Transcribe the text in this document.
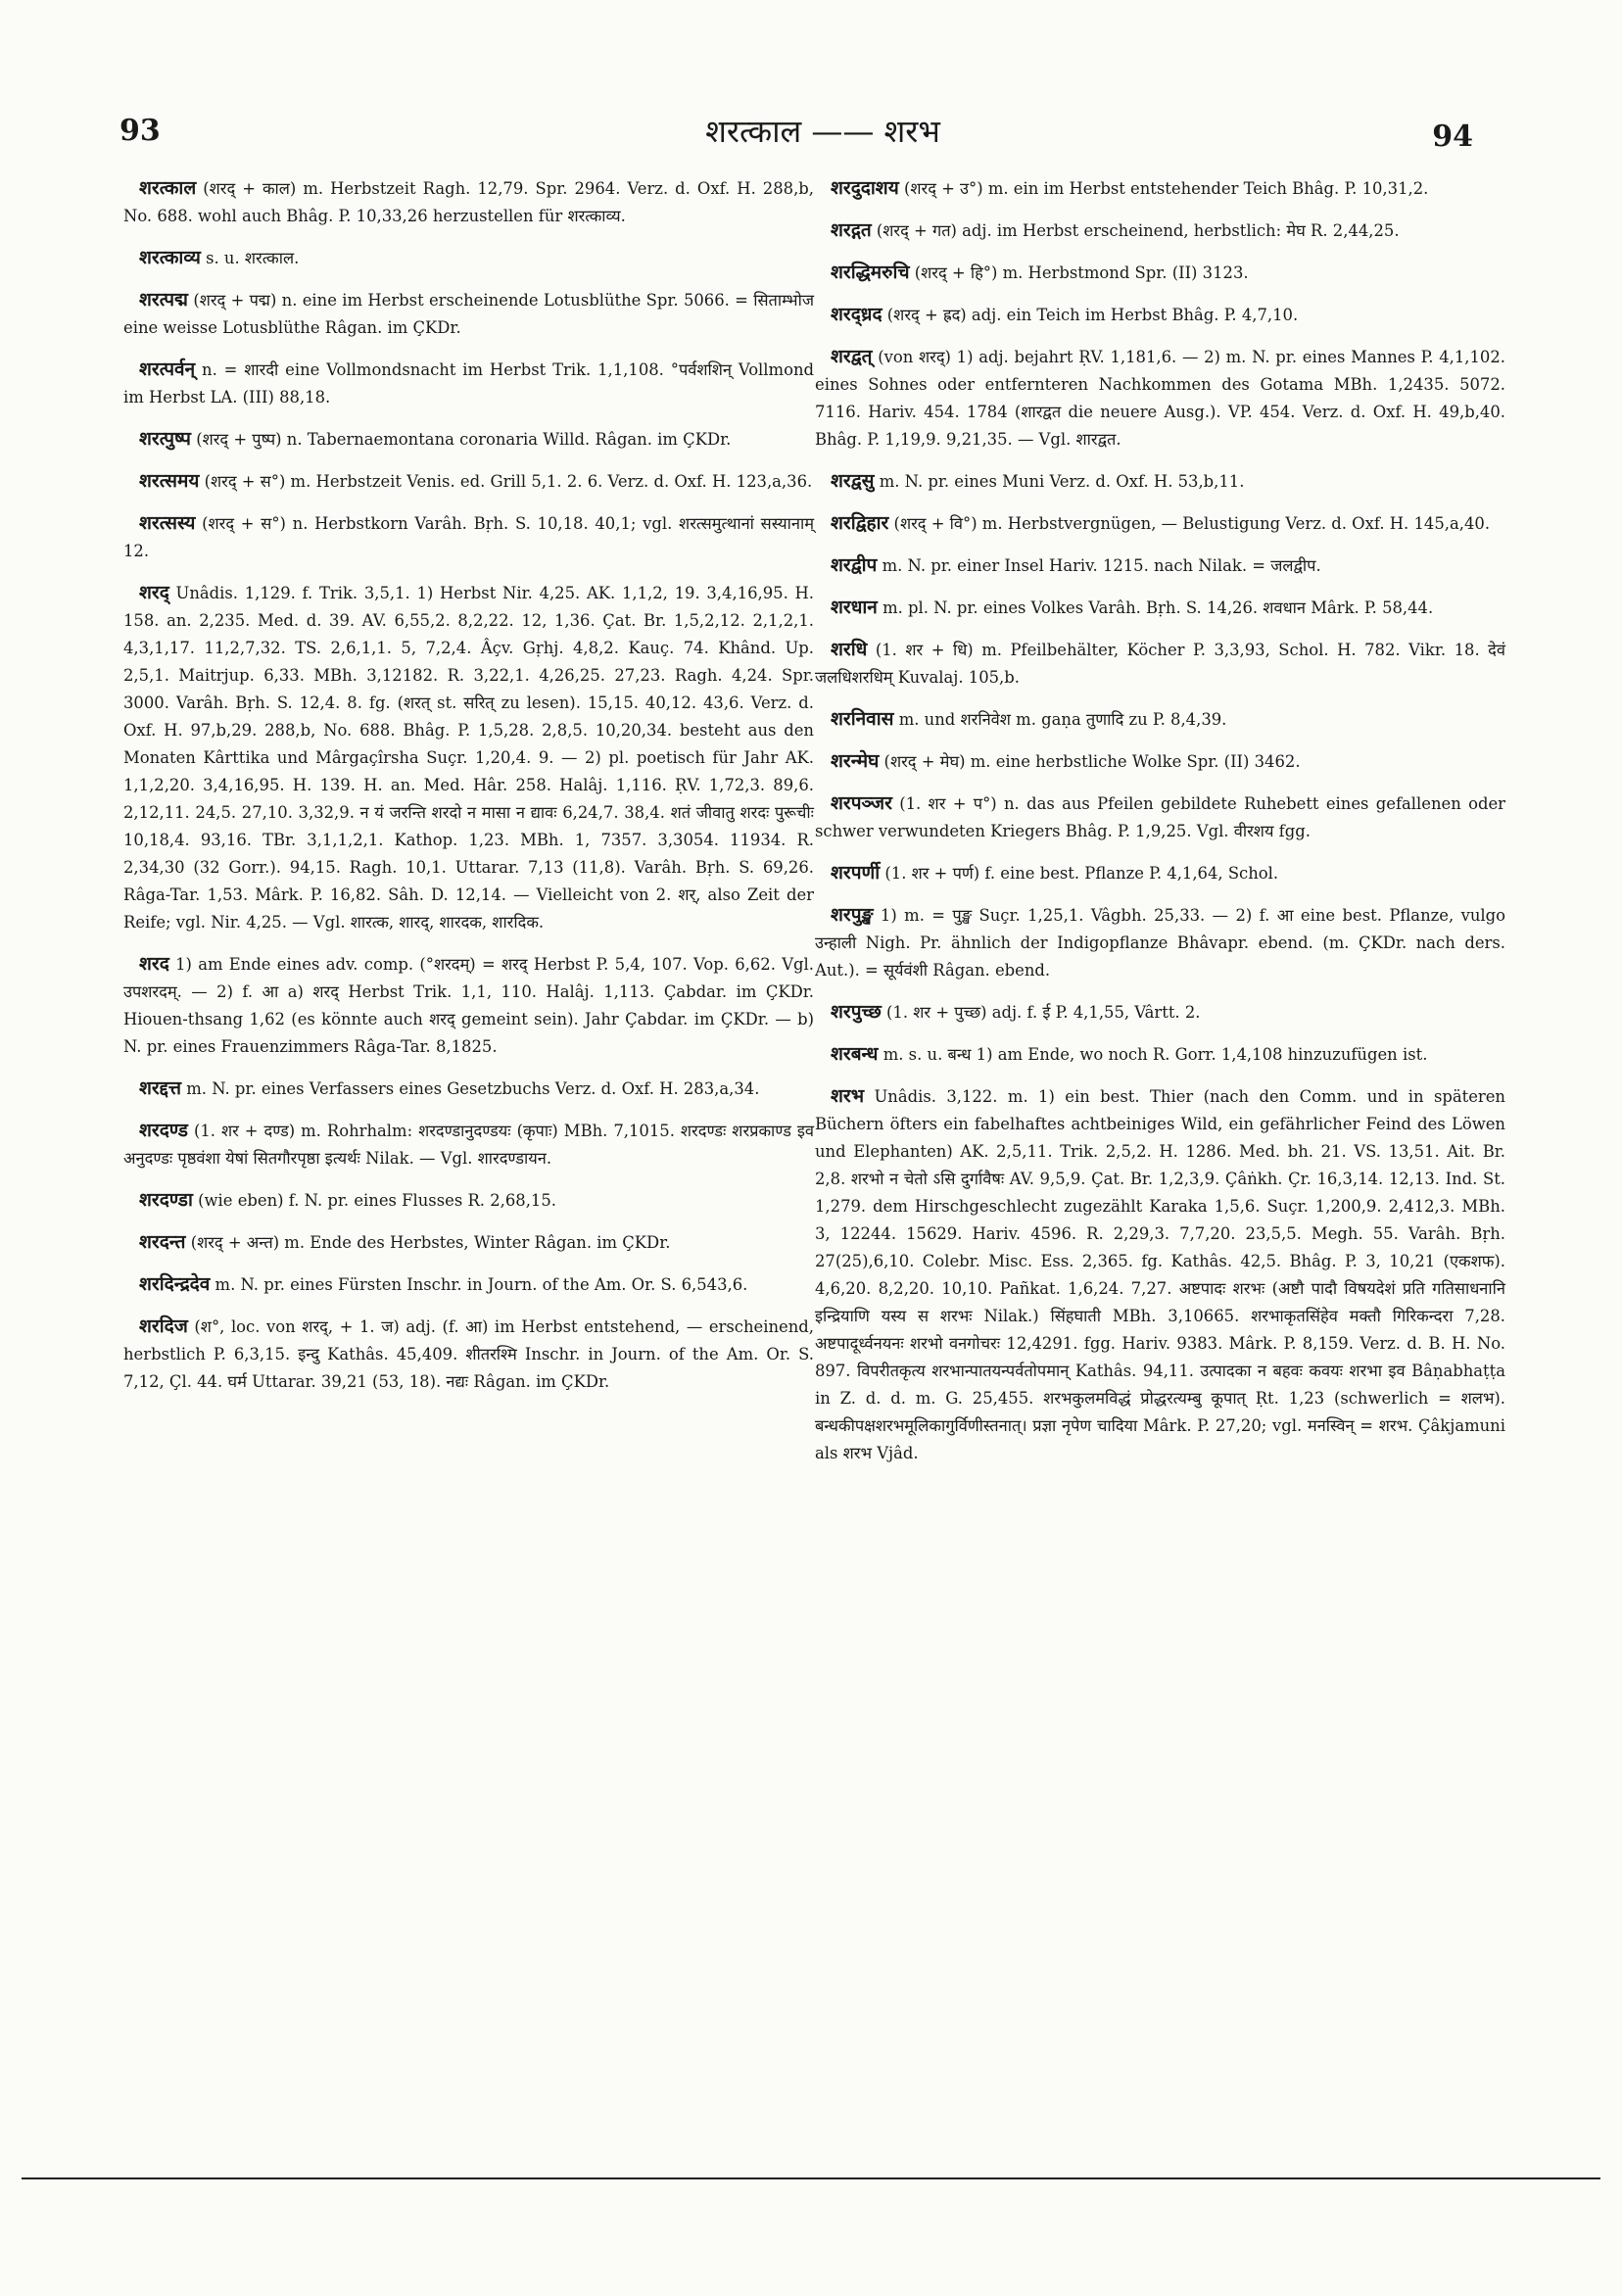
93	शरत्काल —— शरभ	94

शरत्काल (शरद् + काल) m. Herbstzeit Ragh. 12,79. Spr. 2964. Verz. d. Oxf. H. 288,b, No. 688. wohl auch Bhâg. P. 10,33,26 herzustellen für शरत्काव्य.

शरत्काव्य s. u. शरत्काल.

शरत्पद्म (शरद् + पद्म) n. eine im Herbst erscheinende Lotusblüthe Spr. 5066. = सिताम्भोज eine weisse Lotusblüthe Râgan. im ÇKDr.

शरत्पर्वन् n. = शारदी eine Vollmondsnacht im Herbst Trik. 1,1,108. °पर्वशशिन् Vollmond im Herbst LA. (III) 88,18.

शरत्पुष्प (शरद् + पुष्प) n. Tabernaemontana coronaria Willd. Râgan. im ÇKDr.

शरत्समय (शरद् + स°) m. Herbstzeit Venis. ed. Grill 5,1. 2. 6. Verz. d. Oxf. H. 123,a,36.

शरत्सस्य (शरद् + स°) n. Herbstkorn Varâh. Bṛh. S. 10,18. 40,1; vgl. शरत्समुत्थानां सस्यानाम् 12.

शरद् Unâdis. 1,129. f. Trik. 3,5,1. 1) Herbst Nir. 4,25. AK. 1,1,2, 19. 3,4,16,95. H. 158. an. 2,235. Med. d. 39. AV. 6,55,2. 8,2,22. 12, 1,36. Çat. Br. 1,5,2,12. 2,1,2,1. 4,3,1,17. 11,2,7,32. TS. 2,6,1,1. 5, 7,2,4. Âçv. Gṛhj. 4,8,2. Kauç. 74. Khând. Up. 2,5,1. Maitrjup. 6,33. MBh. 3,12182. R. 3,22,1. 4,26,25. 27,23. Ragh. 4,24. Spr. 3000. Varâh. Bṛh. S. 12,4. 8. fg. (शरत् st. सरित् zu lesen). 15,15. 40,12. 43,6. Verz. d. Oxf. H. 97,b,29. 288,b, No. 688. Bhâg. P. 1,5,28. 2,8,5. 10,20,34. besteht aus den Monaten Kârttika und Mârgaçîrsha Suçr. 1,20,4. 9. — 2) pl. poetisch für Jahr AK. 1,1,2,20. 3,4,16,95. H. 139. H. an. Med. Hâr. 258. Halâj. 1,116. ṚV. 1,72,3. 89,6. 2,12,11. 24,5. 27,10. 3,32,9. न यं जरन्ति शरदो न मासा न द्यावः 6,24,7. 38,4. शतं जीवातु शरदः पुरूचीः 10,18,4. 93,16. TBr. 3,1,1,2,1. Kathop. 1,23. MBh. 1, 7357. 3,3054. 11934. R. 2,34,30 (32 Gorr.). 94,15. Ragh. 10,1. Uttarar. 7,13 (11,8). Varâh. Bṛh. S. 69,26. Râga-Tar. 1,53. Mârk. P. 16,82. Sâh. D. 12,14. — Vielleicht von 2. शर्, also Zeit der Reife; vgl. Nir. 4,25. — Vgl. शारत्क, शारद्, शारदक, शारदिक.

शरद 1) am Ende eines adv. comp. (°शरदम्) = शरद् Herbst P. 5,4, 107. Vop. 6,62. Vgl. उपशरदम्. — 2) f. आ a) शरद् Herbst Trik. 1,1, 110. Halâj. 1,113. Çabdar. im ÇKDr. Hiouen-thsang 1,62 (es könnte auch शरद् gemeint sein). Jahr Çabdar. im ÇKDr. — b) N. pr. eines Frauenzimmers Râga-Tar. 8,1825.

शरद्दत्त m. N. pr. eines Verfassers eines Gesetzbuchs Verz. d. Oxf. H. 283,a,34.

शरदण्ड (1. शर + दण्ड) m. Rohrhalm: शरदण्डानुदण्डयः (कृपाः) MBh. 7,1015. शरदण्डः शरप्रकाण्ड इव अनुदण्डः पृष्ठवंशा येषां सितगौरपृष्ठा इत्यर्थः Nilak. — Vgl. शारदण्डायन.

शरदण्डा (wie eben) f. N. pr. eines Flusses R. 2,68,15.

शरदन्त (शरद् + अन्त) m. Ende des Herbstes, Winter Râgan. im ÇKDr.

शरदिन्द्रदेव m. N. pr. eines Fürsten Inschr. in Journ. of the Am. Or. S. 6,543,6.

शरदिज (श°, loc. von शरद्, + 1. ज) adj. (f. आ) im Herbst entstehend, — erscheinend, herbstlich P. 6,3,15. इन्दु Kathâs. 45,409. शीतरश्मि Inschr. in Journ. of the Am. Or. S. 7,12, Çl. 44. घर्म Uttarar. 39,21 (53, 18). नद्यः Râgan. im ÇKDr.

शरदुदाशय (शरद् + उ°) m. ein im Herbst entstehender Teich Bhâg. P. 10,31,2.

शरद्गत (शरद् + गत) adj. im Herbst erscheinend, herbstlich: मेघ R. 2,44,25.

शरद्धिमरुचि (शरद् + हि°) m. Herbstmond Spr. (II) 3123.

शरद्ध्रद (शरद् + ह्रद) adj. ein Teich im Herbst Bhâg. P. 4,7,10.

शरद्वत् (von शरद्) 1) adj. bejahrt ṚV. 1,181,6. — 2) m. N. pr. eines Mannes P. 4,1,102. eines Sohnes oder entfernteren Nachkommen des Gotama MBh. 1,2435. 5072. 7116. Hariv. 454. 1784 (शारद्वत die neuere Ausg.). VP. 454. Verz. d. Oxf. H. 49,b,40. Bhâg. P. 1,19,9. 9,21,35. — Vgl. शारद्वत.

शरद्वसु m. N. pr. eines Muni Verz. d. Oxf. H. 53,b,11.

शरद्विहार (शरद् + वि°) m. Herbstvergnügen, — Belustigung Verz. d. Oxf. H. 145,a,40.

शरद्वीप m. N. pr. einer Insel Hariv. 1215. nach Nilak. = जलद्वीप.

शरधान m. pl. N. pr. eines Volkes Varâh. Bṛh. S. 14,26. शवधान Mârk. P. 58,44.

शरधि (1. शर + धि) m. Pfeilbehälter, Köcher P. 3,3,93, Schol. H. 782. Vikr. 18. देवं जलधिशरधिम् Kuvalaj. 105,b.

शरनिवास m. und शरनिवेश m. gaṇa तुणादि zu P. 8,4,39.

शरन्मेघ (शरद् + मेघ) m. eine herbstliche Wolke Spr. (II) 3462.

शरपञ्जर (1. शर + प°) n. das aus Pfeilen gebildete Ruhebett eines gefallenen oder schwer verwundeten Kriegers Bhâg. P. 1,9,25. Vgl. वीरशय fgg.

शरपर्णी (1. शर + पर्ण) f. eine best. Pflanze P. 4,1,64, Schol.

शरपुङ्ख 1) m. = पुङ्ख Suçr. 1,25,1. Vâgbh. 25,33. — 2) f. आ eine best. Pflanze, vulgo उन्हाली Nigh. Pr. ähnlich der Indigopflanze Bhâvapr. ebend. (m. ÇKDr. nach ders. Aut.). = सूर्यवंशी Râgan. ebend.

शरपुच्छ (1. शर + पुच्छ) adj. f. ई P. 4,1,55, Vârtt. 2.

शरबन्ध m. s. u. बन्ध 1) am Ende, wo noch R. Gorr. 1,4,108 hinzuzufügen ist.

शरभ Unâdis. 3,122. m. 1) ein best. Thier (nach den Comm. und in späteren Büchern öfters ein fabelhaftes achtbeiniges Wild, ein gefährlicher Feind des Löwen und Elephanten) AK. 2,5,11. Trik. 2,5,2. H. 1286. Med. bh. 21. VS. 13,51. Ait. Br. 2,8. शरभो न चेतो ऽसि दुर्गावैषः AV. 9,5,9. Çat. Br. 1,2,3,9. Çâṅkh. Çr. 16,3,14. 12,13. Ind. St. 1,279. dem Hirschgeschlecht zugezählt Karaka 1,5,6. Suçr. 1,200,9. 2,412,3. MBh. 3, 12244. 15629. Hariv. 4596. R. 2,29,3. 7,7,20. 23,5,5. Megh. 55. Varâh. Bṛh. 27(25),6,10. Colebr. Misc. Ess. 2,365. fg. Kathâs. 42,5. Bhâg. P. 3, 10,21 (एकशफ). 4,6,20. 8,2,20. 10,10. Pañkat. 1,6,24. 7,27. अष्टपादः शरभः (अष्टौ पादौ विषयदेशं प्रति गतिसाधनानि इन्द्रियाणि यस्य स शरभः Nilak.) सिंहघाती MBh. 3,10665. शरभाकृतसिंहेव मक्तौ गिरिकन्दरा 7,28. अष्टपादूर्ध्वनयनः शरभो वनगोचरः 12,4291. fgg. Hariv. 9383. Mârk. P. 8,159. Verz. d. B. H. No. 897. विपरीतकृत्य शरभान्पातयन्पर्वतोपमान् Kathâs. 94,11. उत्पादका न बहवः कवयः शरभा इव Bâṇabhaṭṭa in Z. d. d. m. G. 25,455. शरभकुलमविद्धं प्रोद्धरत्यम्बु कूपात् Ṛt. 1,23 (schwerlich = शलभ). बन्धकीपक्षशरभमूलिकागुर्विणीस्तनात्। प्रज्ञा नृपेण चादिया Mârk. P. 27,20; vgl. मनस्विन् = शरभ. Çâkjamuni als शरभ Vjâd.
